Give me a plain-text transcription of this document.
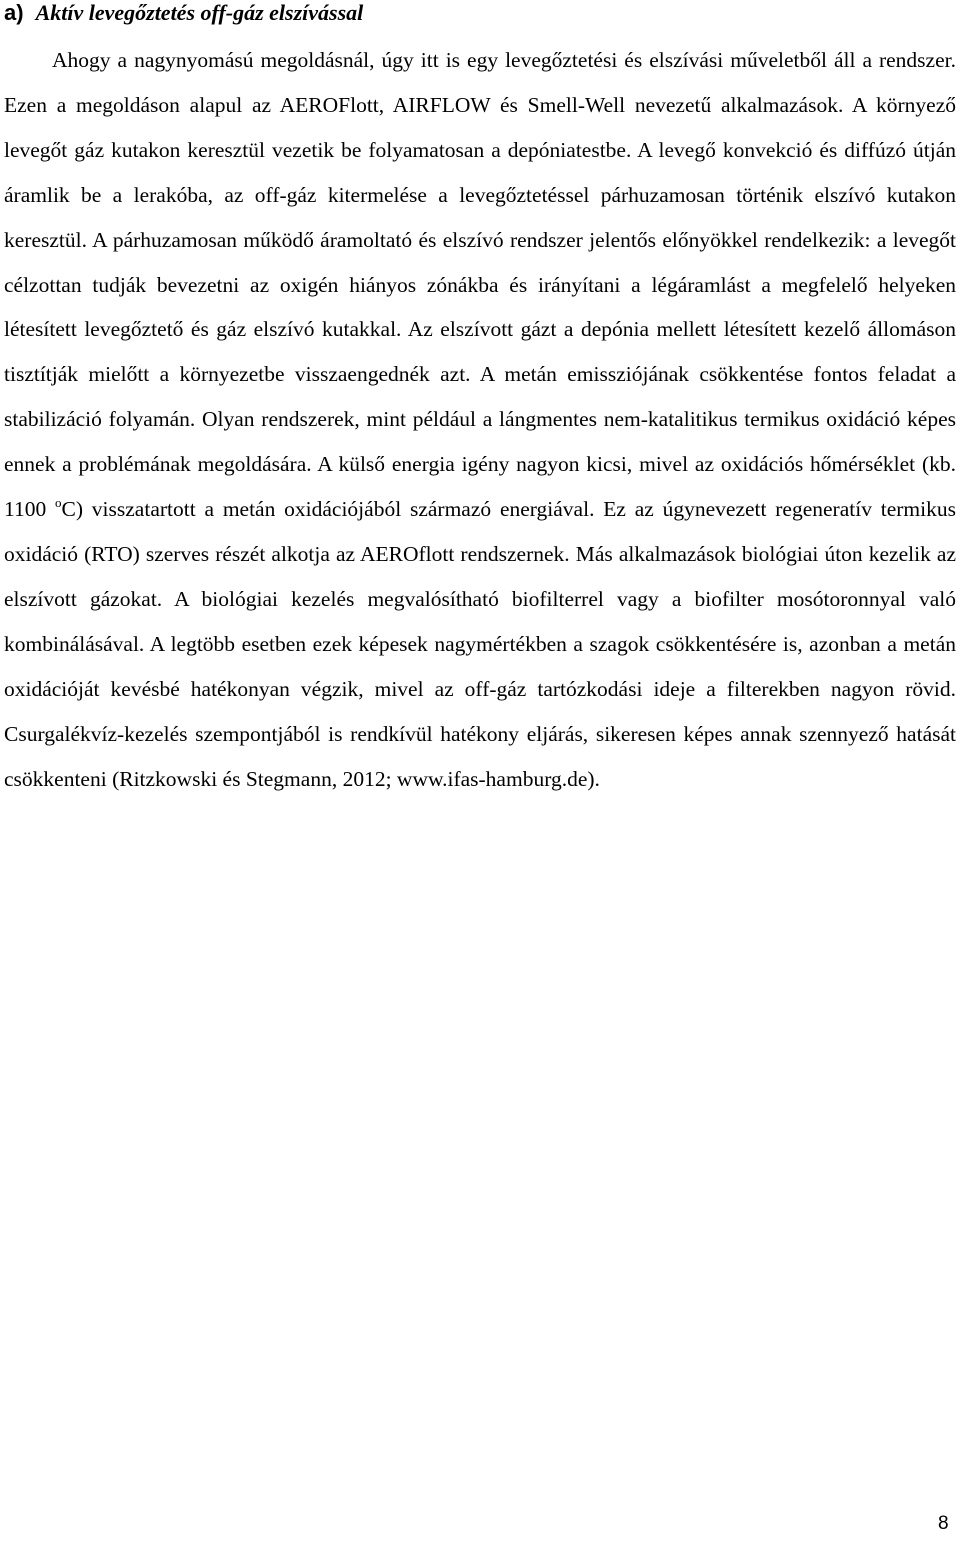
a) Aktív levegőztetés off-gáz elszívással

Ahogy a nagynyomású megoldásnál, úgy itt is egy levegőztetési és elszívási műveletből áll a rendszer. Ezen a megoldáson alapul az AEROFlott, AIRFLOW és Smell-Well nevezetű alkalmazások. A környező levegőt gáz kutakon keresztül vezetik be folyamatosan a depóniatestbe. A levegő konvekció és diffúzó útján áramlik be a lerakóba, az off-gáz kitermelése a levegőztetéssel párhuzamosan történik elszívó kutakon keresztül. A párhuzamosan működő áramoltató és elszívó rendszer jelentős előnyökkel rendelkezik: a levegőt célzottan tudják bevezetni az oxigén hiányos zónákba és irányítani a légáramlást a megfelelő helyeken létesített levegőztető és gáz elszívó kutakkal. Az elszívott gázt a depónia mellett létesített kezelő állomáson tisztítják mielőtt a környezetbe visszaengednék azt. A metán emissziójának csökkentése fontos feladat a stabilizáció folyamán. Olyan rendszerek, mint például a lángmentes nem-katalitikus termikus oxidáció képes ennek a problémának megoldására. A külső energia igény nagyon kicsi, mivel az oxidációs hőmérséklet (kb. 1100 $^o$C) visszatartott a metán oxidációjából származó energiával. Ez az úgynevezett regeneratív termikus oxidáció (RTO) szerves részét alkotja az AEROflott rendszernek. Más alkalmazások biológiai úton kezelik az elszívott gázokat. A biológiai kezelés megvalósítható biofilterrel vagy a biofilter mosótoronnyal való kombinálásával. A legtöbb esetben ezek képesek nagymértékben a szagok csökkentésére is, azonban a metán oxidációját kevésbé hatékonyan végzik, mivel az off-gáz tartózkodási ideje a filterekben nagyon rövid. Csurgalékvíz-kezelés szempontjából is rendkívül hatékony eljárás, sikeresen képes annak szennyező hatását csökkenteni (Ritzkowski és Stegmann, 2012; www.ifas-hamburg.de).

8
